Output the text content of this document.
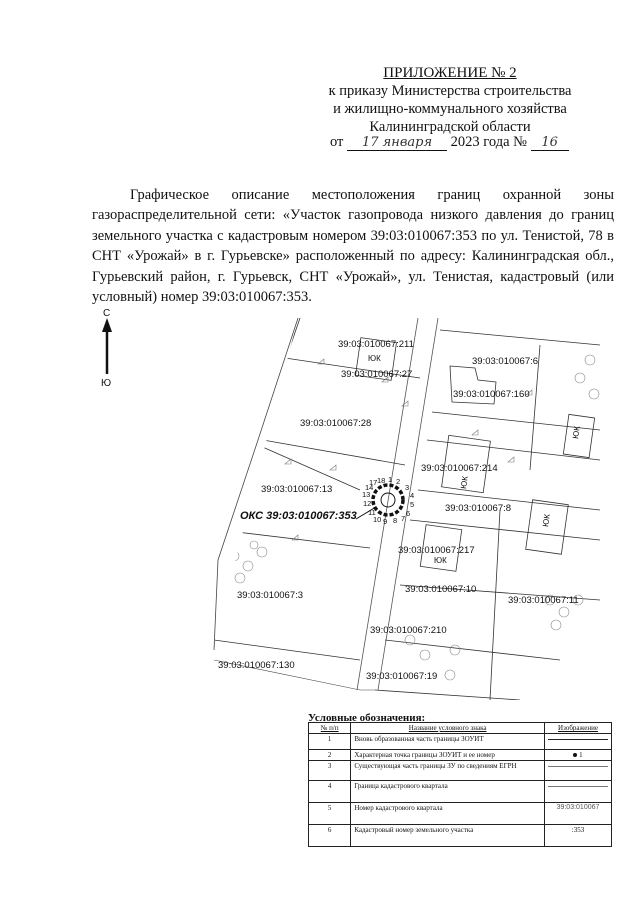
ПРИЛОЖЕНИЕ № 2
к приказу Министерства строительства
и жилищно-коммунального хозяйства
Калининградской области
от 17 января 2023 года № 16
Графическое описание местоположения границ охранной зоны газораспределительной сети: «Участок газопровода низкого давления до границ земельного участка с кадастровым номером 39:03:010067:353 по ул. Тенистой, 78 в СНТ «Урожай» в г. Гурьевске» расположенный по адресу: Калининградская обл., Гурьевский район, г. Гурьевск, СНТ «Урожай», ул. Тенистая, кадастровый (или условный) номер 39:03:010067:353.
С
Ю
39:03:010067:211
39:03:010067:27
39:03:010067:28
39:03:010067:13
39:03:010067:3
39:03:010067:130
39:03:010067:6
39:03:010067:160
39:03:010067:214
39:03:010067:8
39:03:010067:217
39:03:010067:10
39:03:010067:11
39:03:010067:210
39:03:010067:19
ЮК
ЮК
ЮК
ЮК
ЮК
ОКС 39:03:010067:353
17 18 1 2
3
4
5
6
7
8
9
10
11
12
13
14
Условные обозначения:
№ п/п	Название условного знака	Изображение
1	Вновь образованная часть границы ЗОУИТ	
2	Характерная точка границы ЗОУИТ и ее номер	1
3	Существующая часть границы ЗУ по сведениям ЕГРН	
4	Граница кадастрового квартала	
5	Номер кадастрового квартала	39:03:010067
6	Кадастровый номер земельного участка	:353
